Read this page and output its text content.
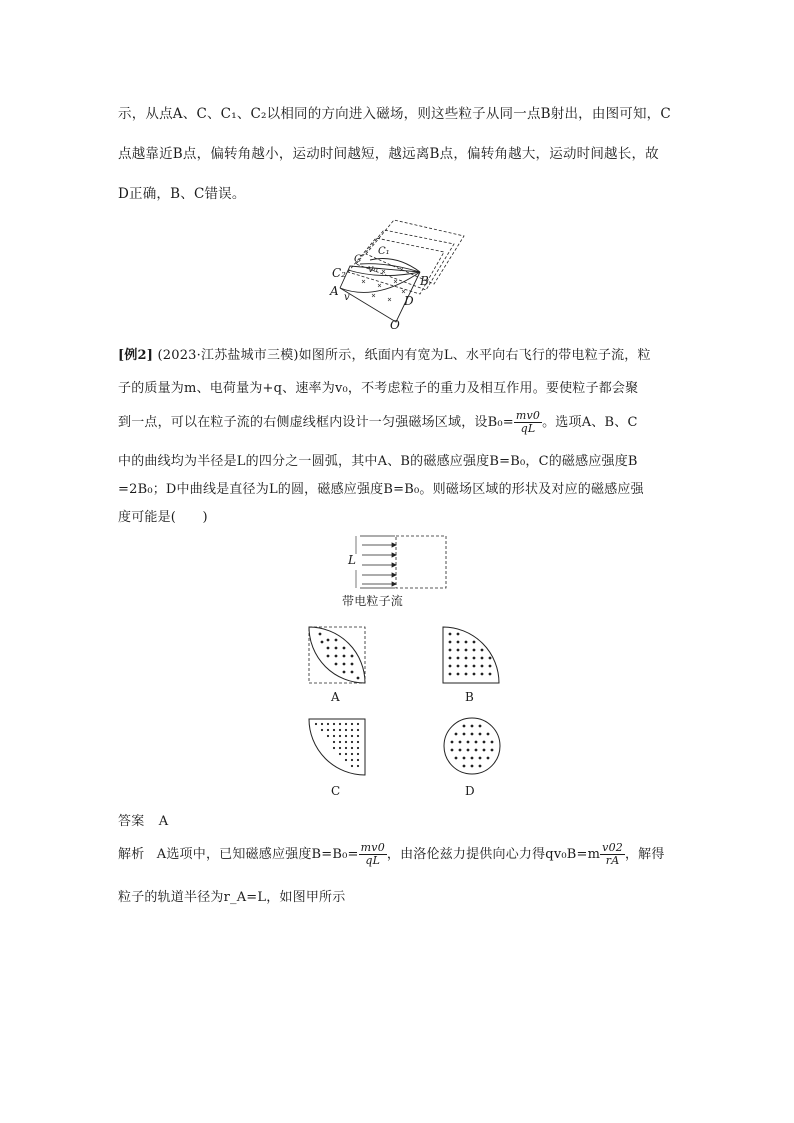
示，从点A、C、C₁、C₂以相同的方向进入磁场，则这些粒子从同一点B射出，由图可知，C
点越靠近B点，偏转角越小，运动时间越短，越远离B点，偏转角越大，运动时间越长，故
D正确，B、C错误。
C₂
C
C₁
v₀
A v
B
D
O
[例2] (2023·江苏盐城市三模)如图所示，纸面内有宽为L、水平向右飞行的带电粒子流，粒
子的质量为m、电荷量为+q、速率为v₀，不考虑粒子的重力及相互作用。要使粒子都会聚
到一点，可以在粒子流的右侧虚线框内设计一匀强磁场区域，设$B_0= \frac{mv0}{qL}$ 。选项A、B、C
中的曲线均为半径是L的四分之一圆弧，其中A、B的磁感应强度B=B₀，C的磁感应强度B
=2B₀；D中曲线是直径为L的圆，磁感应强度B=B₀。则磁场区域的形状及对应的磁感应强
度可能是(　　)
L
带电粒子流
A	B
C	D
答案 A
解析 A选项中，已知磁感应强度$B=B_0= \frac{mv0}{qL}$ ，由洛伦兹力提供向心力得$qv_0B=m \frac{v02}{rA}$ ，解得
粒子的轨道半径为r_A=L，如图甲所示
